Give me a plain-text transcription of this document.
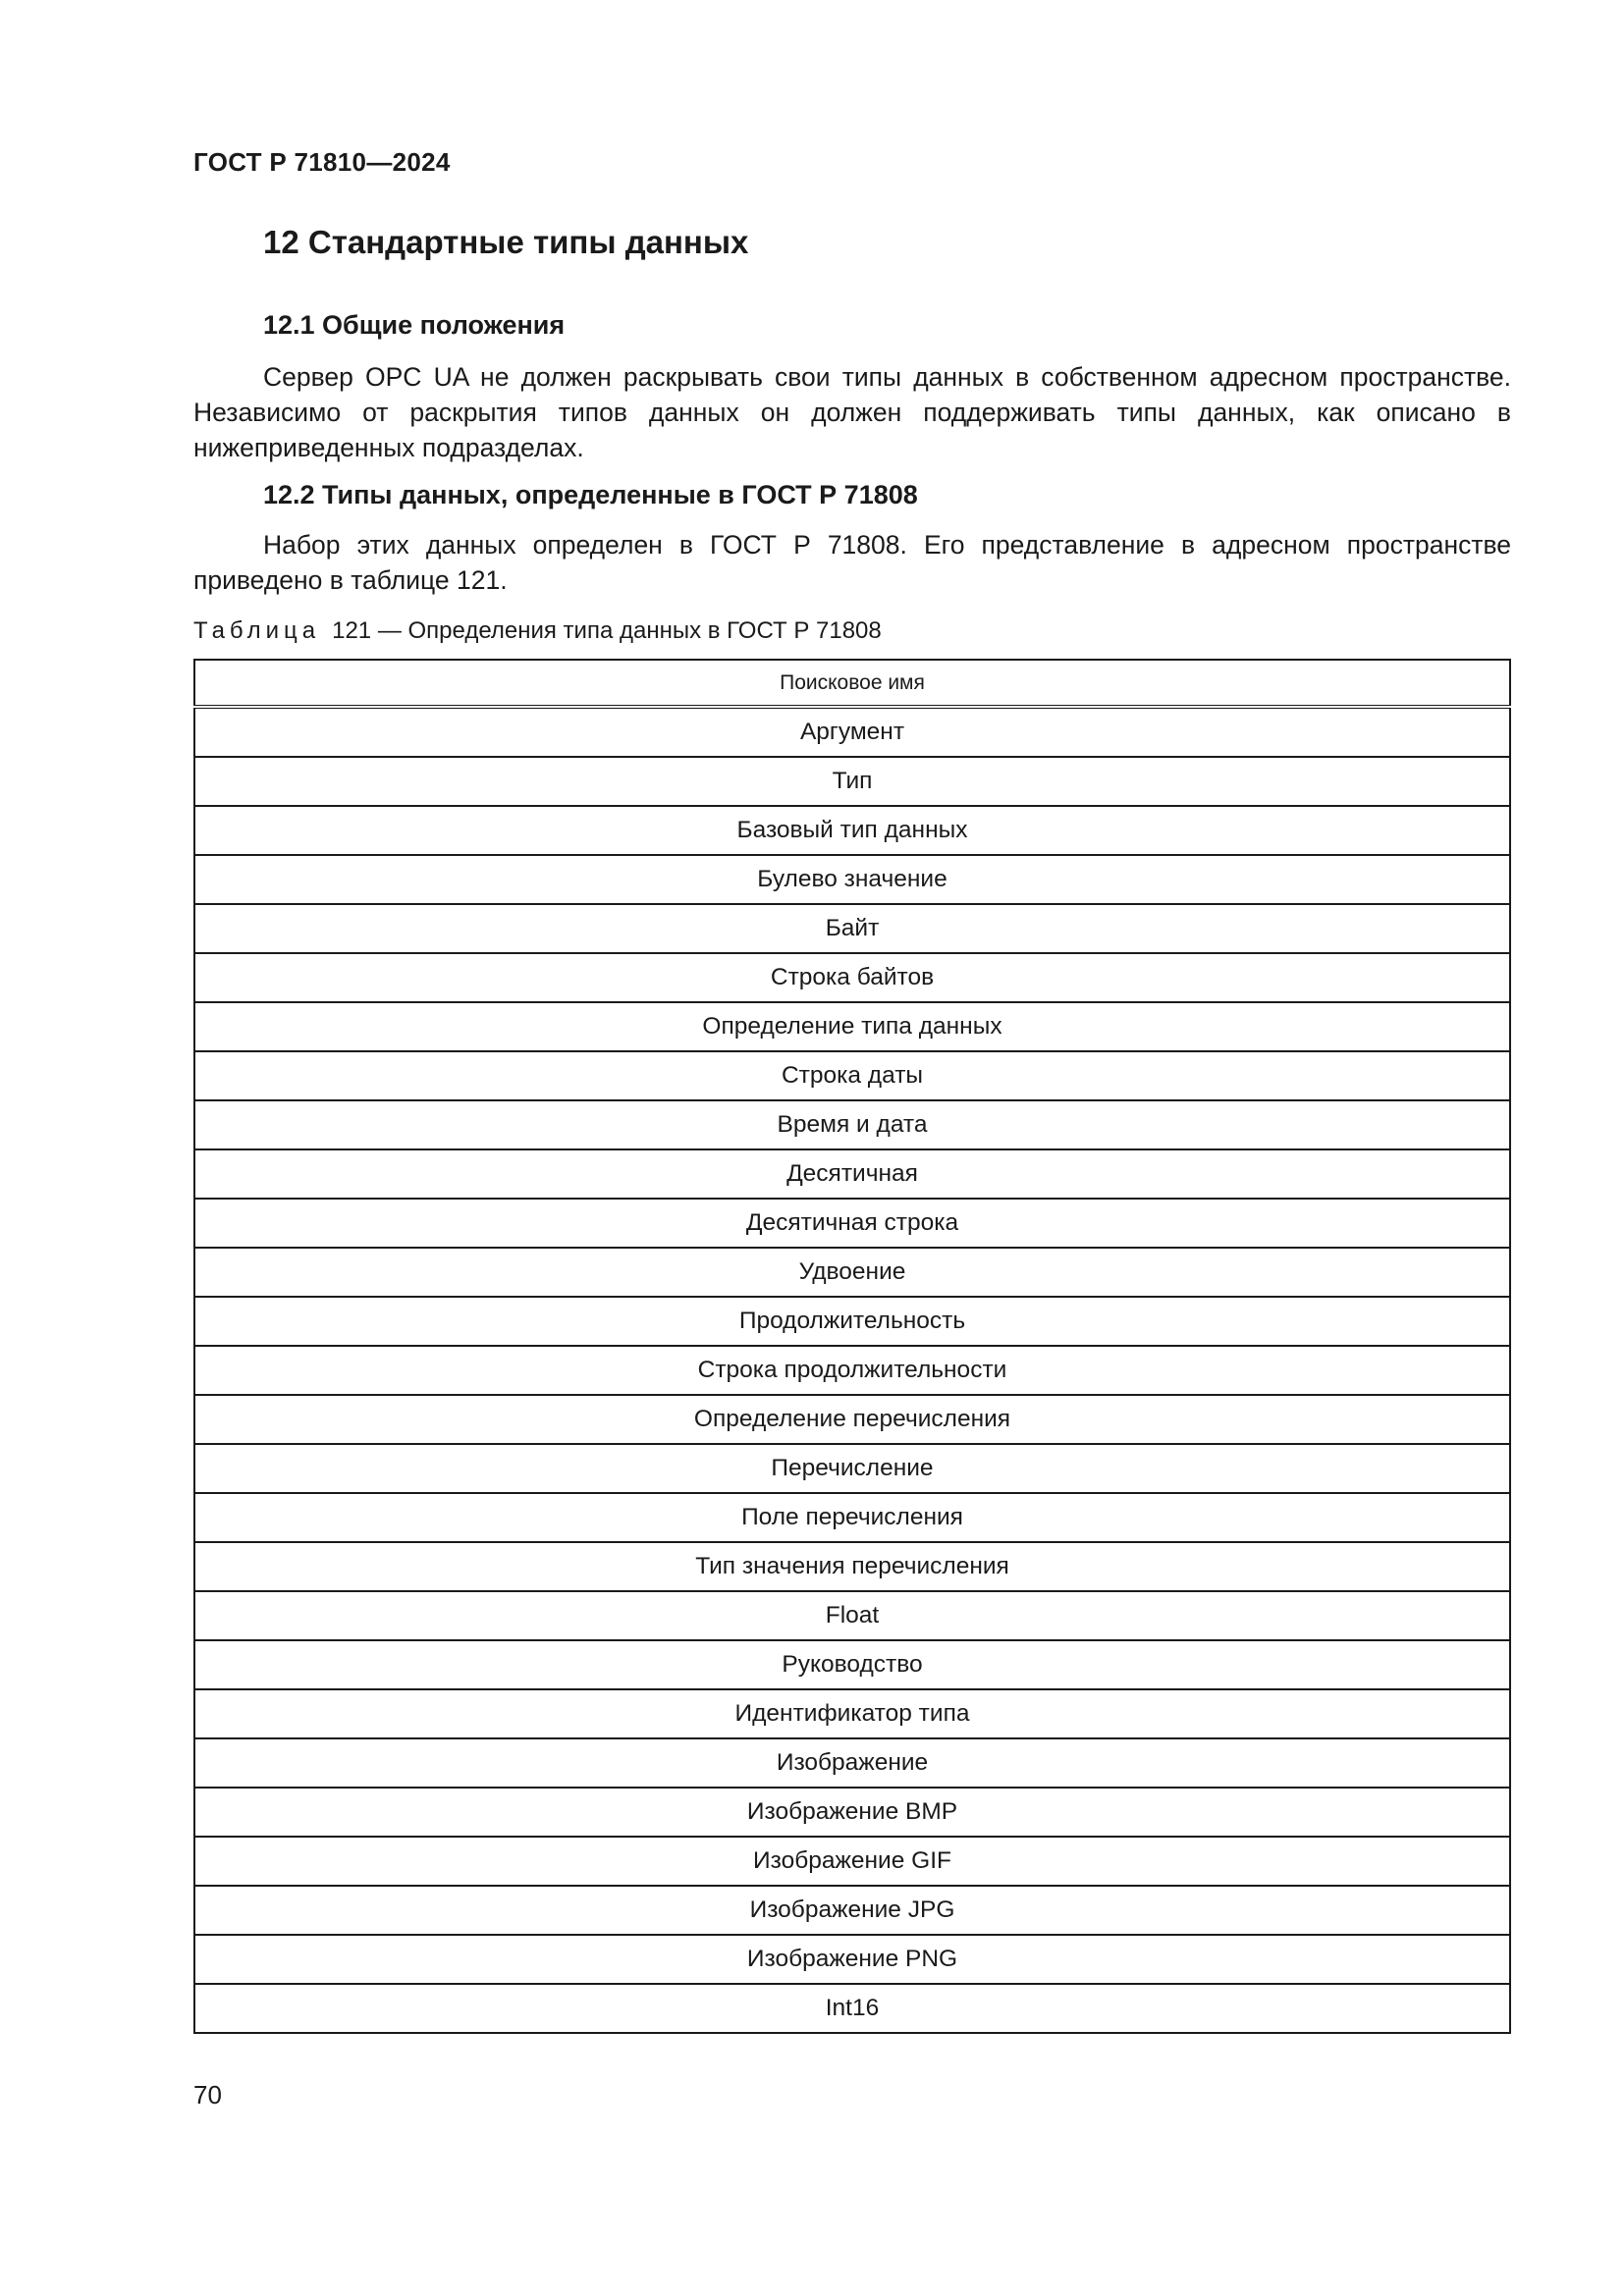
ГОСТ Р 71810—2024
12 Стандартные типы данных
12.1 Общие положения
Сервер OPC UA не должен раскрывать свои типы данных в собственном адресном пространстве. Независимо от раскрытия типов данных он должен поддерживать типы данных, как описано в нижеприведенных подразделах.
12.2 Типы данных, определенные в ГОСТ Р 71808
Набор этих данных определен в ГОСТ Р 71808. Его представление в адресном пространстве приведено в таблице 121.
Таблица 121 — Определения типа данных в ГОСТ Р 71808
Поисковое имя
Аргумент
Тип
Базовый тип данных
Булево значение
Байт
Строка байтов
Определение типа данных
Строка даты
Время и дата
Десятичная
Десятичная строка
Удвоение
Продолжительность
Строка продолжительности
Определение перечисления
Перечисление
Поле перечисления
Тип значения перечисления
Float
Руководство
Идентификатор типа
Изображение
Изображение BMP
Изображение GIF
Изображение JPG
Изображение PNG
Int16
70
